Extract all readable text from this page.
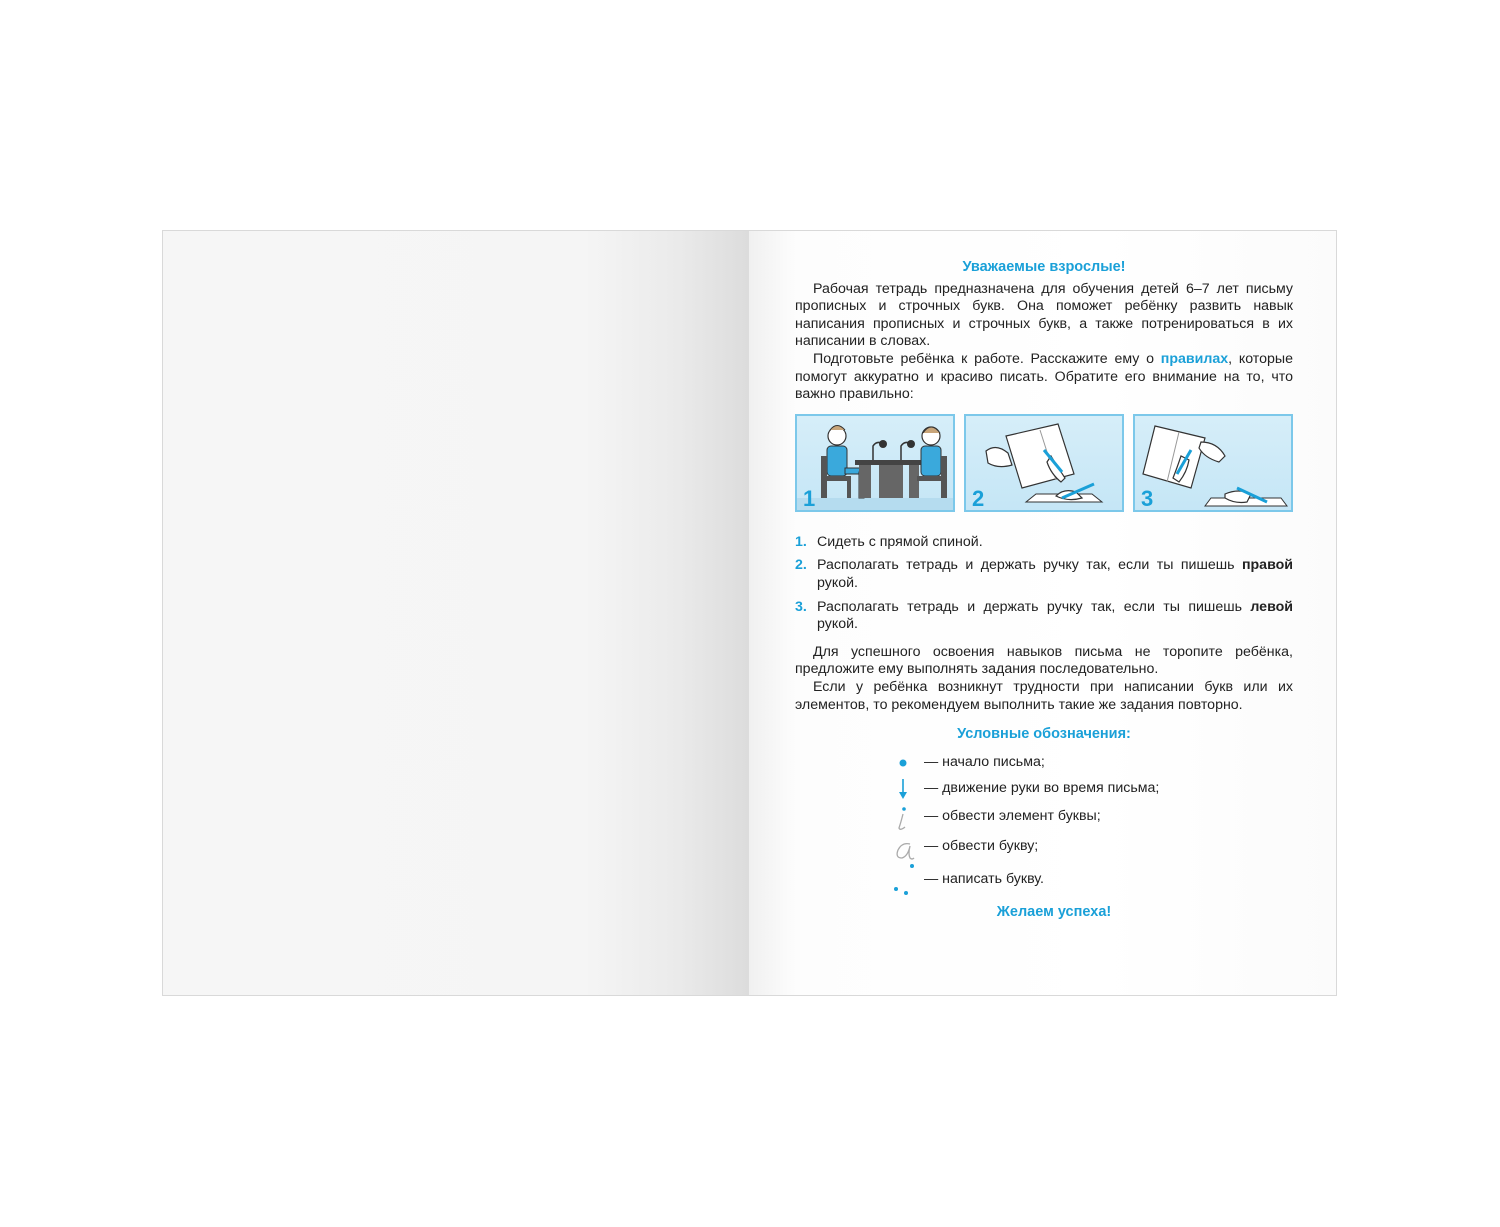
Уважаемые взрослые!

Рабочая тетрадь предназначена для обучения детей 6–7 лет письму прописных и строчных букв. Она поможет ребёнку развить навык написания прописных и строчных букв, а также потренироваться в их написании в словах.

Подготовьте ребёнка к работе. Расскажите ему о правилах, которые помогут аккуратно и красиво писать. Обратите его внимание на то, что важно правильно:

1	2	3
1. Сидеть с прямой спиной.
2. Располагать тетрадь и держать ручку так, если ты пишешь правой рукой.
3. Располагать тетрадь и держать ручку так, если ты пишешь левой рукой.

Для успешного освоения навыков письма не торопите ребёнка, предложите ему выполнять задания последовательно.

Если у ребёнка возникнут трудности при написании букв или их элементов, то рекомендуем выполнить такие же задания повторно.

Условные обозначения:
— начало письма;
— движение руки во время письма;
— обвести элемент буквы;
— обвести букву;
— написать букву.
Желаем успеха!
